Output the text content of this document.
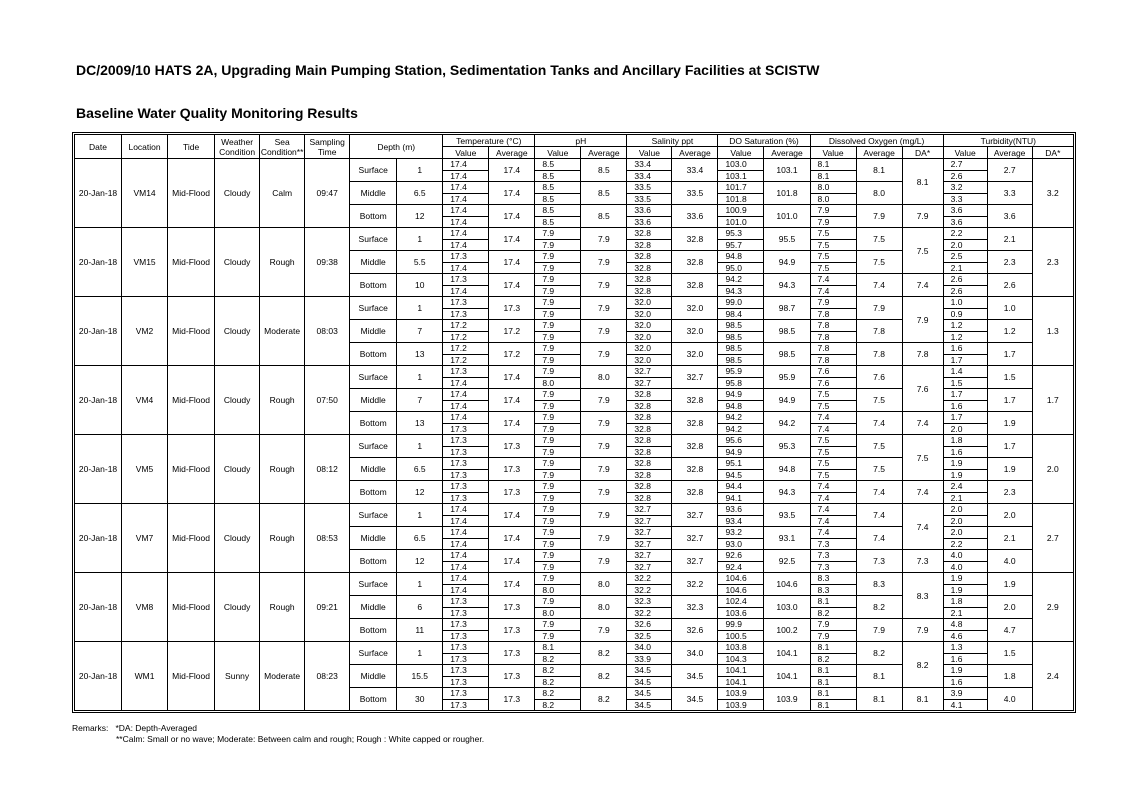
DC/2009/10 HATS 2A, Upgrading Main Pumping Station, Sedimentation Tanks and Ancillary Facilities at SCISTW
Baseline Water Quality Monitoring Results
Date	Location	Tide	Weather Condition	Sea Condition**	Sampling Time	Depth (m)		Temperature (°C)		pH		Salinity ppt		DO Saturation (%)		Dissolved Oxygen (mg/L)			Turbidity(NTU)		
								Value	Average	Value	Average	Value	Average	Value	Average	Value	Average	DA*	Value	Average	DA*
20-Jan-18	VM14	Mid-Flood	Cloudy	Calm	09:47	Surface	1	17.4	17.4	8.5	8.5	33.4	33.4	103.0	103.1	8.1	8.1	8.1	2.7	2.7	3.2
								17.4		8.5		33.4		103.1		8.1			2.6		
						Middle	6.5	17.4	17.4	8.5	8.5	33.5	33.5	101.7	101.8	8.0	8.0		3.2	3.3	
								17.4		8.5		33.5		101.8		8.0			3.3		
						Bottom	12	17.4	17.4	8.5	8.5	33.6	33.6	100.9	101.0	7.9	7.9	7.9	3.6	3.6	
								17.4		8.5		33.6		101.0		7.9			3.6		
20-Jan-18	VM15	Mid-Flood	Cloudy	Rough	09:38	Surface	1	17.4	17.4	7.9	7.9	32.8	32.8	95.3	95.5	7.5	7.5	7.5	2.2	2.1	2.3
								17.4		7.9		32.8		95.7		7.5			2.0		
						Middle	5.5	17.3	17.4	7.9	7.9	32.8	32.8	94.8	94.9	7.5	7.5		2.5	2.3	
								17.4		7.9		32.8		95.0		7.5			2.1		
						Bottom	10	17.3	17.4	7.9	7.9	32.8	32.8	94.2	94.3	7.4	7.4	7.4	2.6	2.6	
								17.4		7.9		32.8		94.3		7.4			2.6		
20-Jan-18	VM2	Mid-Flood	Cloudy	Moderate	08:03	Surface	1	17.3	17.3	7.9	7.9	32.0	32.0	99.0	98.7	7.9	7.9	7.9	1.0	1.0	1.3
								17.3		7.9		32.0		98.4		7.8			0.9		
						Middle	7	17.2	17.2	7.9	7.9	32.0	32.0	98.5	98.5	7.8	7.8		1.2	1.2	
								17.2		7.9		32.0		98.5		7.8			1.2		
						Bottom	13	17.2	17.2	7.9	7.9	32.0	32.0	98.5	98.5	7.8	7.8	7.8	1.6	1.7	
								17.2		7.9		32.0		98.5		7.8			1.7		
20-Jan-18	VM4	Mid-Flood	Cloudy	Rough	07:50	Surface	1	17.3	17.4	7.9	8.0	32.7	32.7	95.9	95.9	7.6	7.6	7.6	1.4	1.5	1.7
								17.4		8.0		32.7		95.8		7.6			1.5		
						Middle	7	17.4	17.4	7.9	7.9	32.8	32.8	94.9	94.9	7.5	7.5		1.7	1.7	
								17.4		7.9		32.8		94.8		7.5			1.6		
						Bottom	13	17.4	17.4	7.9	7.9	32.8	32.8	94.2	94.2	7.4	7.4	7.4	1.7	1.9	
								17.3		7.9		32.8		94.2		7.4			2.0		
20-Jan-18	VM5	Mid-Flood	Cloudy	Rough	08:12	Surface	1	17.3	17.3	7.9	7.9	32.8	32.8	95.6	95.3	7.5	7.5	7.5	1.8	1.7	2.0
								17.3		7.9		32.8		94.9		7.5			1.6		
						Middle	6.5	17.3	17.3	7.9	7.9	32.8	32.8	95.1	94.8	7.5	7.5		1.9	1.9	
								17.3		7.9		32.8		94.5		7.5			1.9		
						Bottom	12	17.3	17.3	7.9	7.9	32.8	32.8	94.4	94.3	7.4	7.4	7.4	2.4	2.3	
								17.3		7.9		32.8		94.1		7.4			2.1		
20-Jan-18	VM7	Mid-Flood	Cloudy	Rough	08:53	Surface	1	17.4	17.4	7.9	7.9	32.7	32.7	93.6	93.5	7.4	7.4	7.4	2.0	2.0	2.7
								17.4		7.9		32.7		93.4		7.4			2.0		
						Middle	6.5	17.4	17.4	7.9	7.9	32.7	32.7	93.2	93.1	7.4	7.4		2.0	2.1	
								17.4		7.9		32.7		93.0		7.3			2.2		
						Bottom	12	17.4	17.4	7.9	7.9	32.7	32.7	92.6	92.5	7.3	7.3	7.3	4.0	4.0	
								17.4		7.9		32.7		92.4		7.3			4.0		
20-Jan-18	VM8	Mid-Flood	Cloudy	Rough	09:21	Surface	1	17.4	17.4	7.9	8.0	32.2	32.2	104.6	104.6	8.3	8.3	8.3	1.9	1.9	2.9
								17.4		8.0		32.2		104.6		8.3			1.9		
						Middle	6	17.3	17.3	7.9	8.0	32.3	32.3	102.4	103.0	8.1	8.2		1.8	2.0	
								17.3		8.0		32.2		103.6		8.2			2.1		
						Bottom	11	17.3	17.3	7.9	7.9	32.6	32.6	99.9	100.2	7.9	7.9	7.9	4.8	4.7	
								17.3		7.9		32.5		100.5		7.9			4.6		
20-Jan-18	WM1	Mid-Flood	Sunny	Moderate	08:23	Surface	1	17.3	17.3	8.1	8.2	34.0	34.0	103.8	104.1	8.1	8.2	8.2	1.3	1.5	2.4
								17.3		8.2		33.9		104.3		8.2			1.6		
						Middle	15.5	17.3	17.3	8.2	8.2	34.5	34.5	104.1	104.1	8.1	8.1		1.9	1.8	
								17.3		8.2		34.5		104.1		8.1			1.6		
						Bottom	30	17.3	17.3	8.2	8.2	34.5	34.5	103.9	103.9	8.1	8.1	8.1	3.9	4.0	
								17.3		8.2		34.5		103.9		8.1			4.1		
Remarks:   *DA: Depth-Averaged
**Calm: Small or no wave; Moderate: Between calm and rough; Rough : White capped or rougher.
